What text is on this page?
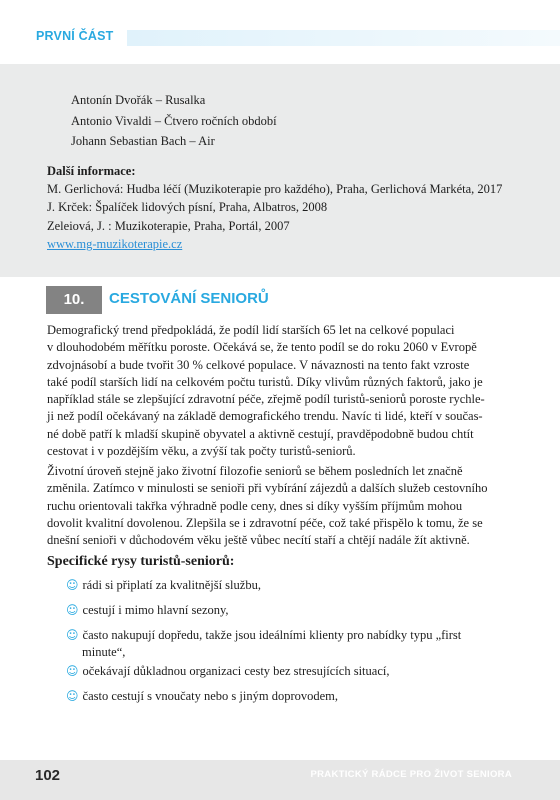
PRVNÍ ČÁST
Antonín Dvořák – Rusalka
Antonio Vivaldi – Čtvero ročních období
Johann Sebastian Bach – Air
Další informace:
M. Gerlichová: Hudba léčí (Muzikoterapie pro každého), Praha, Gerlichová Markéta, 2017
J. Krček: Špalíček lidových písní, Praha, Albatros, 2008
Zeleiová, J. : Muzikoterapie, Praha, Portál, 2007
www.mg-muzikoterapie.cz
10.	CESTOVÁNÍ SENIORŮ
Demografický trend předpokládá, že podíl lidí starších 65 let na celkové populaci
v dlouhodobém měřítku poroste. Očekává se, že tento podíl se do roku 2060 v Evropě
zdvojnásobí a bude tvořit 30 % celkové populace. V návaznosti na tento fakt vzroste
také podíl starších lidí na celkovém počtu turistů. Díky vlivům různých faktorů, jako je
například stále se zlepšující zdravotní péče, zřejmě podíl turistů-seniorů poroste rychle-
ji než podíl očekávaný na základě demografického trendu. Navíc ti lidé, kteří v součas-
né době patří k mladší skupině obyvatel a aktivně cestují, pravděpodobně budou chtít
cestovat i v pozdějším věku, a zvýší tak počty turistů-seniorů.
Životní úroveň stejně jako životní filozofie seniorů se během posledních let značně
změnila. Zatímco v minulosti se senioři při vybírání zájezdů a dalších služeb cestovního
ruchu orientovali takřka výhradně podle ceny, dnes si díky vyšším příjmům mohou
dovolit kvalitní dovolenou. Zlepšila se i zdravotní péče, což také přispělo k tomu, že se
dnešní senioři v důchodovém věku ještě vůbec necítí staří a chtějí nadále žít aktivně.
Specifické rysy turistů-seniorů:
☺ rádi si připlatí za kvalitnější službu,
☺ cestují i mimo hlavní sezony,
☺ často nakupují dopředu, takže jsou ideálními klienty pro nabídky typu „first
minute“,
☺ očekávají důkladnou organizaci cesty bez stresujících situací,
☺ často cestují s vnoučaty nebo s jiným doprovodem,
102	PRAKTICKÝ RÁDCE PRO ŽIVOT SENIORA
